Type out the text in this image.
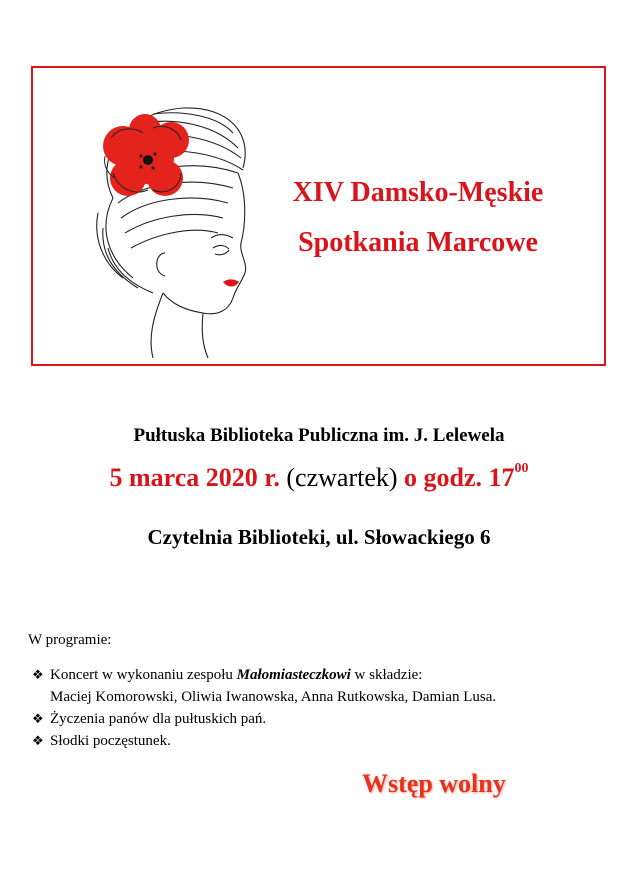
XIV Damsko-Męskie
Spotkania Marcowe
Pułtuska Biblioteka Publiczna im. J. Lelewela
5 marca 2020 r. (czwartek) o godz. $17^{00}$
Czytelnia Biblioteki, ul. Słowackiego 6
W programie:
❖ Koncert w wykonaniu zespołu Małomiasteczkowi w składzie:
Maciej Komorowski, Oliwia Iwanowska, Anna Rutkowska, Damian Lusa.
❖ Życzenia panów dla pułtuskich pań.
❖ Słodki poczęstunek.
Wstęp wolny
